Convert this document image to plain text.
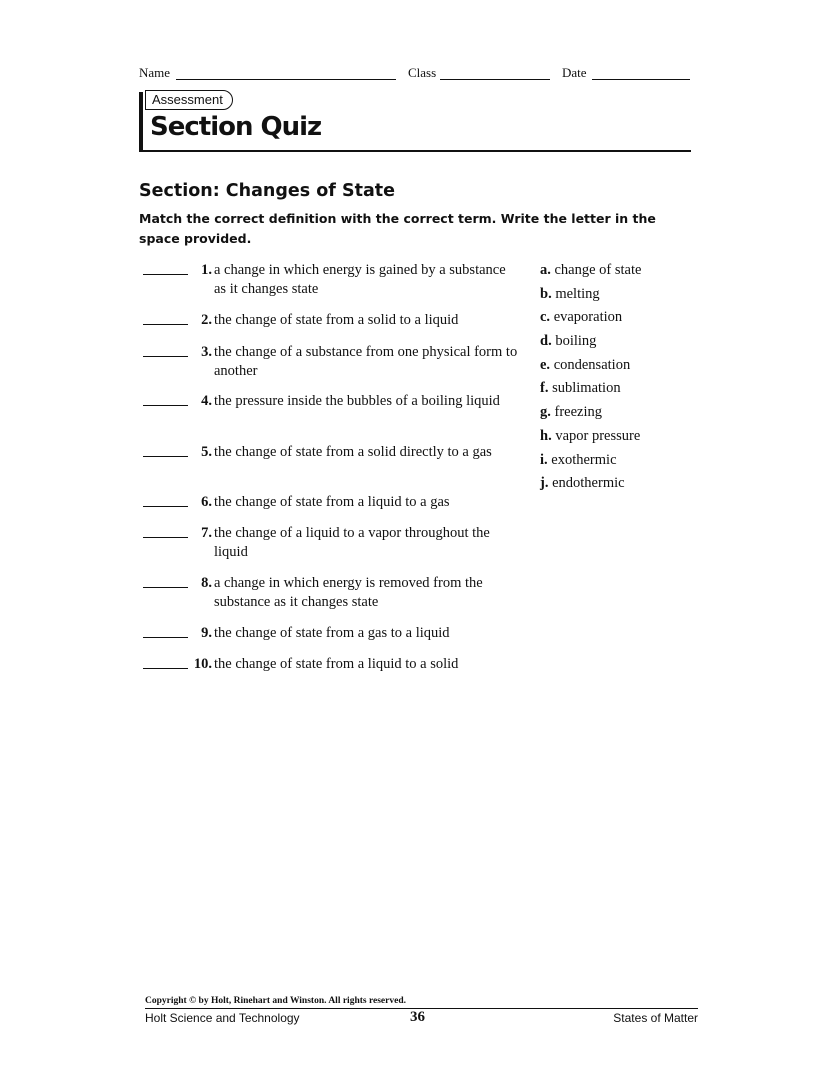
Name	Class	Date
Assessment
Section Quiz
Section: Changes of State
Match the correct definition with the correct term. Write the letter in the space provided.
1. a change in which energy is gained by a substance as it changes state
2. the change of state from a solid to a liquid
3. the change of a substance from one physical form to another
4. the pressure inside the bubbles of a boiling liquid
5. the change of state from a solid directly to a gas
6. the change of state from a liquid to a gas
7. the change of a liquid to a vapor throughout the liquid
8. a change in which energy is removed from the substance as it changes state
9. the change of state from a gas to a liquid
10. the change of state from a liquid to a solid
a. change of state
b. melting
c. evaporation
d. boiling
e. condensation
f. sublimation
g. freezing
h. vapor pressure
i. exothermic
j. endothermic
Copyright © by Holt, Rinehart and Winston. All rights reserved.
Holt Science and Technology	36	States of Matter
